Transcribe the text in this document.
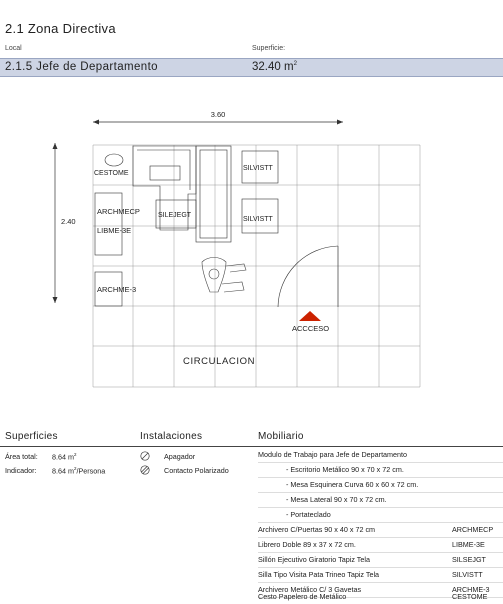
2.1 Zona Directiva
Local	Superficie:
2.1.5 Jefe de Departamento	32.40 $m^2$
3.60
2.40
CESTOME
SILEJEGT
ARCHMECP
LIBME-3E
SILVISTT
SILVISTT
ARCHME-3
ACCCESO
CIRCULACION
Superficies	Instalaciones	Mobiliario
Área total: 8.64 $m^2$
Indicador: 8.64 $m^2$/Persona
Apagador
Contacto Polarizado
Modulo de Trabajo para Jefe de Departamento
- Escritorio Metálico 90 x 70 x 72 cm.
- Mesa Esquinera Curva 60 x 60 x 72 cm.
- Mesa Lateral 90 x 70 x 72 cm.
- Portateclado
Archivero C/Puertas 90 x 40 x 72 cm	ARCHMECP
Librero Doble 89 x 37 x 72 cm.	LIBME-3E
Sillón Ejecutivo Giratorio Tapiz Tela	SILSEJGT
Silla Tipo Visita Pata Trineo Tapiz Tela	SILVISTT
Archivero Metálico C/ 3 Gavetas	ARCHME-3
Cesto Papelero de Metálico	CESTOME
